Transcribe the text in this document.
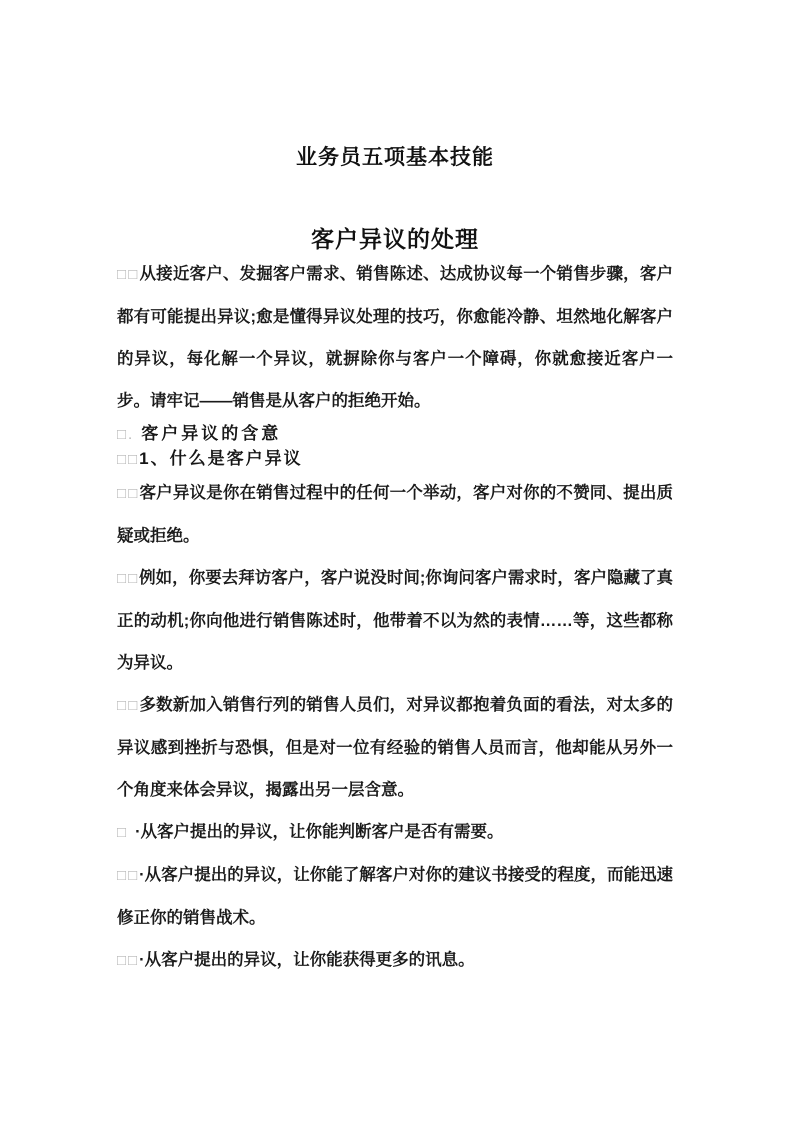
业务员五项基本技能
客户异议的处理

□□从接近客户、发掘客户需求、销售陈述、达成协议每一个销售步骤，客户都有可能提出异议;愈是懂得异议处理的技巧，你愈能冷静、坦然地化解客户的异议，每化解一个异议，就摒除你与客户一个障碍，你就愈接近客户一步。请牢记——销售是从客户的拒绝开始。

□. 客户异议的含意
□□1、什么是客户异议

□□客户异议是你在销售过程中的任何一个举动，客户对你的不赞同、提出质疑或拒绝。

□□例如，你要去拜访客户，客户说没时间;你询问客户需求时，客户隐藏了真正的动机;你向他进行销售陈述时，他带着不以为然的表情……等，这些都称为异议。

□□多数新加入销售行列的销售人员们，对异议都抱着负面的看法，对太多的异议感到挫折与恐惧，但是对一位有经验的销售人员而言，他却能从另外一个角度来体会异议，揭露出另一层含意。

□ ·从客户提出的异议，让你能判断客户是否有需要。

□□·从客户提出的异议，让你能了解客户对你的建议书接受的程度，而能迅速修正你的销售战术。

□□·从客户提出的异议，让你能获得更多的讯息。
